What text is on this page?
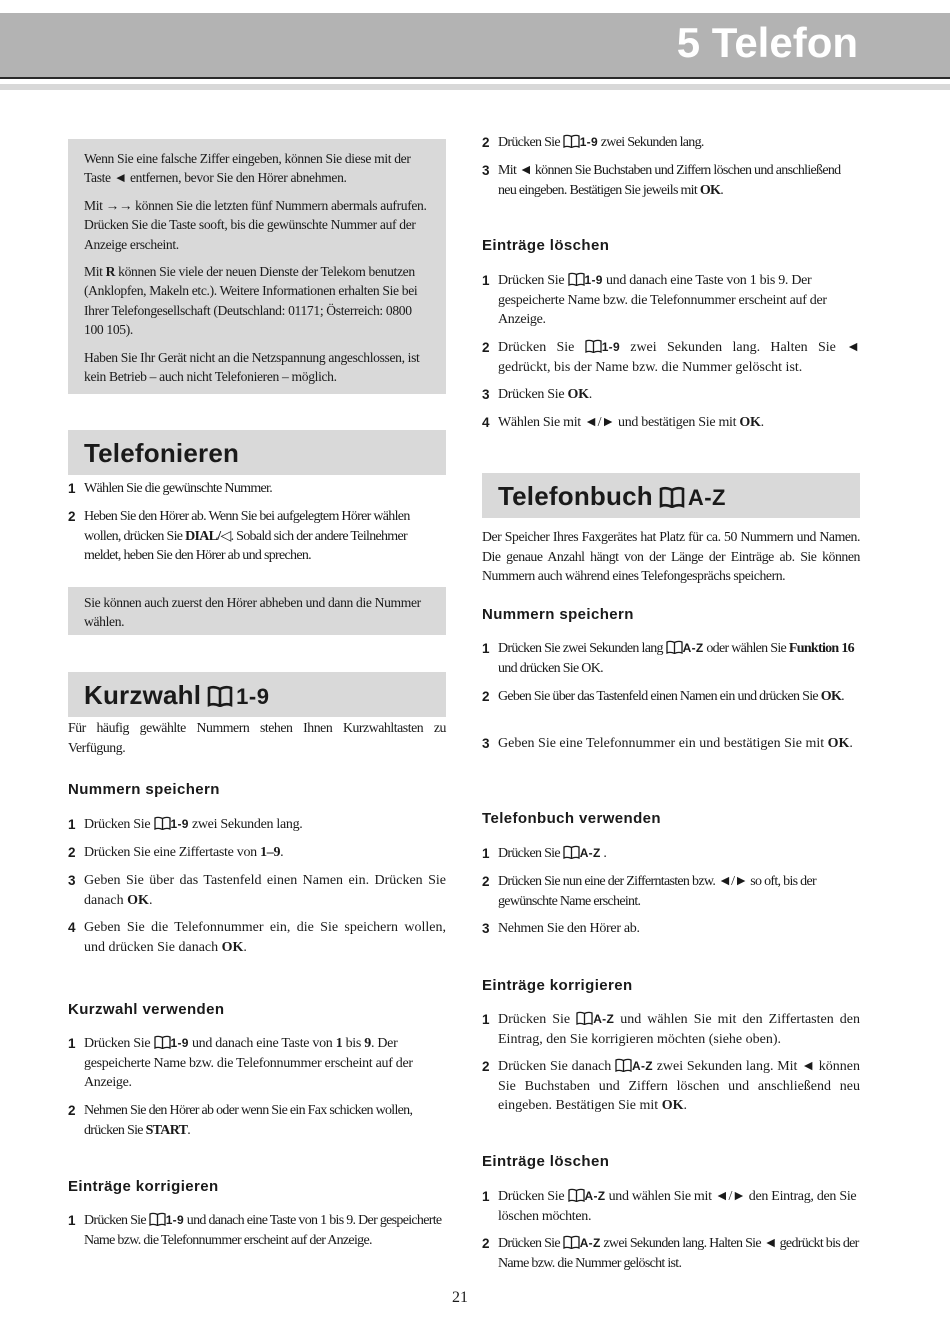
5 Telefon

Wenn Sie eine falsche Ziffer eingeben, können Sie diese mit der Taste ◄ entfernen, bevor Sie den Hörer abnehmen.

Mit →→ können Sie die letzten fünf Nummern abermals aufrufen. Drücken Sie die Taste sooft, bis die gewünschte Nummer auf der Anzeige erscheint.

Mit R können Sie viele der neuen Dienste der Telekom benutzen (Anklopfen, Makeln etc.). Weitere Informationen erhalten Sie bei Ihrer Telefongesellschaft (Deutschland: 01171; Österreich: 0800 100 105).

Haben Sie Ihr Gerät nicht an die Netzspannung angeschlossen, ist kein Betrieb – auch nicht Telefonieren – möglich.

Telefonieren
1 Wählen Sie die gewünschte Nummer.
2 Heben Sie den Hörer ab. Wenn Sie bei aufgelegtem Hörer wählen wollen, drücken Sie DIAL/◁. Sobald sich der andere Teilnehmer meldet, heben Sie den Hörer ab und sprechen.

Sie können auch zuerst den Hörer abheben und dann die Nummer wählen.

Kurzwahl 1-9
Für häufig gewählte Nummern stehen Ihnen Kurzwahltasten zu Verfügung.
Nummern speichern
1 Drücken Sie 1-9 zwei Sekunden lang.
2 Drücken Sie eine Ziffertaste von 1–9.
3 Geben Sie über das Tastenfeld einen Namen ein. Drücken Sie danach OK.
4 Geben Sie die Telefonnummer ein, die Sie speichern wollen, und drücken Sie danach OK.
Kurzwahl verwenden
1 Drücken Sie 1-9 und danach eine Taste von 1 bis 9. Der gespeicherte Name bzw. die Telefonnummer erscheint auf der Anzeige.
2 Nehmen Sie den Hörer ab oder wenn Sie ein Fax schicken wollen, drücken Sie START.
Einträge korrigieren
1 Drücken Sie 1-9 und danach eine Taste von 1 bis 9. Der gespeicherte Name bzw. die Telefonnummer erscheint auf der Anzeige.
2 Drücken Sie 1-9 zwei Sekunden lang.
3 Mit ◄ können Sie Buchstaben und Ziffern löschen und anschließend neu eingeben. Bestätigen Sie jeweils mit OK.
Einträge löschen
1 Drücken Sie 1-9 und danach eine Taste von 1 bis 9. Der gespeicherte Name bzw. die Telefonnummer erscheint auf der Anzeige.
2 Drücken Sie 1-9 zwei Sekunden lang. Halten Sie ◄ gedrückt, bis der Name bzw. die Nummer gelöscht ist.
3 Drücken Sie OK.
4 Wählen Sie mit ◄/► und bestätigen Sie mit OK.
Telefonbuch A-Z
Der Speicher Ihres Faxgerätes hat Platz für ca. 50 Nummern und Namen. Die genaue Anzahl hängt von der Länge der Einträge ab. Sie können Nummern auch während eines Telefongesprächs speichern.
Nummern speichern
1 Drücken Sie zwei Sekunden lang A-Z oder wählen Sie Funktion 16 und drücken Sie OK.
2 Geben Sie über das Tastenfeld einen Namen ein und drücken Sie OK.
3 Geben Sie eine Telefonnummer ein und bestätigen Sie mit OK.
Telefonbuch verwenden
1 Drücken Sie A-Z .
2 Drücken Sie nun eine der Zifferntasten bzw. ◄/► so oft, bis der gewünschte Name erscheint.
3 Nehmen Sie den Hörer ab.
Einträge korrigieren
1 Drücken Sie A-Z und wählen Sie mit den Ziffertasten den Eintrag, den Sie korrigieren möchten (siehe oben).
2 Drücken Sie danach A-Z zwei Sekunden lang. Mit ◄ können Sie Buchstaben und Ziffern löschen und anschließend neu eingeben. Bestätigen Sie mit OK.
Einträge löschen
1 Drücken Sie A-Z und wählen Sie mit ◄/► den Eintrag, den Sie löschen möchten.
2 Drücken Sie A-Z zwei Sekunden lang. Halten Sie ◄ gedrückt bis der Name bzw. die Nummer gelöscht ist.
21
